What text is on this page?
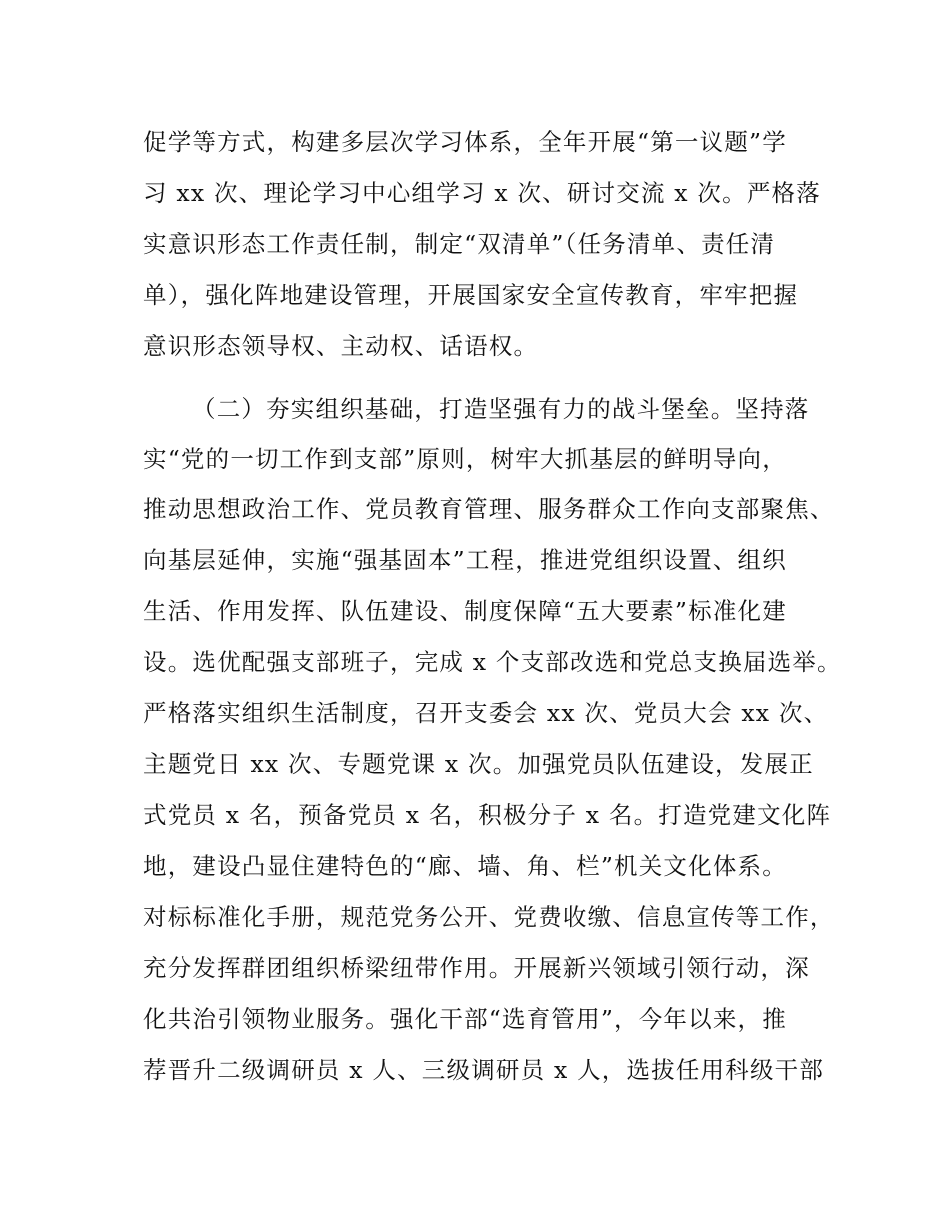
促学等方式，构建多层次学习体系，全年开展“第一议题”学
习 xx 次、理论学习中心组学习 x 次、研讨交流 x 次。严格落
实意识形态工作责任制，制定“双清单”（任务清单、责任清
单），强化阵地建设管理，开展国家安全宣传教育，牢牢把握
意识形态领导权、主动权、话语权。
（二）夯实组织基础，打造坚强有力的战斗堡垒。坚持落
实“党的一切工作到支部”原则，树牢大抓基层的鲜明导向，
推动思想政治工作、党员教育管理、服务群众工作向支部聚焦、
向基层延伸，实施“强基固本”工程，推进党组织设置、组织
生活、作用发挥、队伍建设、制度保障“五大要素”标准化建
设。选优配强支部班子，完成 x 个支部改选和党总支换届选举。
严格落实组织生活制度，召开支委会 xx 次、党员大会 xx 次、
主题党日 xx 次、专题党课 x 次。加强党员队伍建设，发展正
式党员 x 名，预备党员 x 名，积极分子 x 名。打造党建文化阵
地，建设凸显住建特色的“廊、墙、角、栏”机关文化体系。
对标标准化手册，规范党务公开、党费收缴、信息宣传等工作，
充分发挥群团组织桥梁纽带作用。开展新兴领域引领行动，深
化共治引领物业服务。强化干部“选育管用”，今年以来，推
荐晋升二级调研员 x 人、三级调研员 x 人，选拔任用科级干部
